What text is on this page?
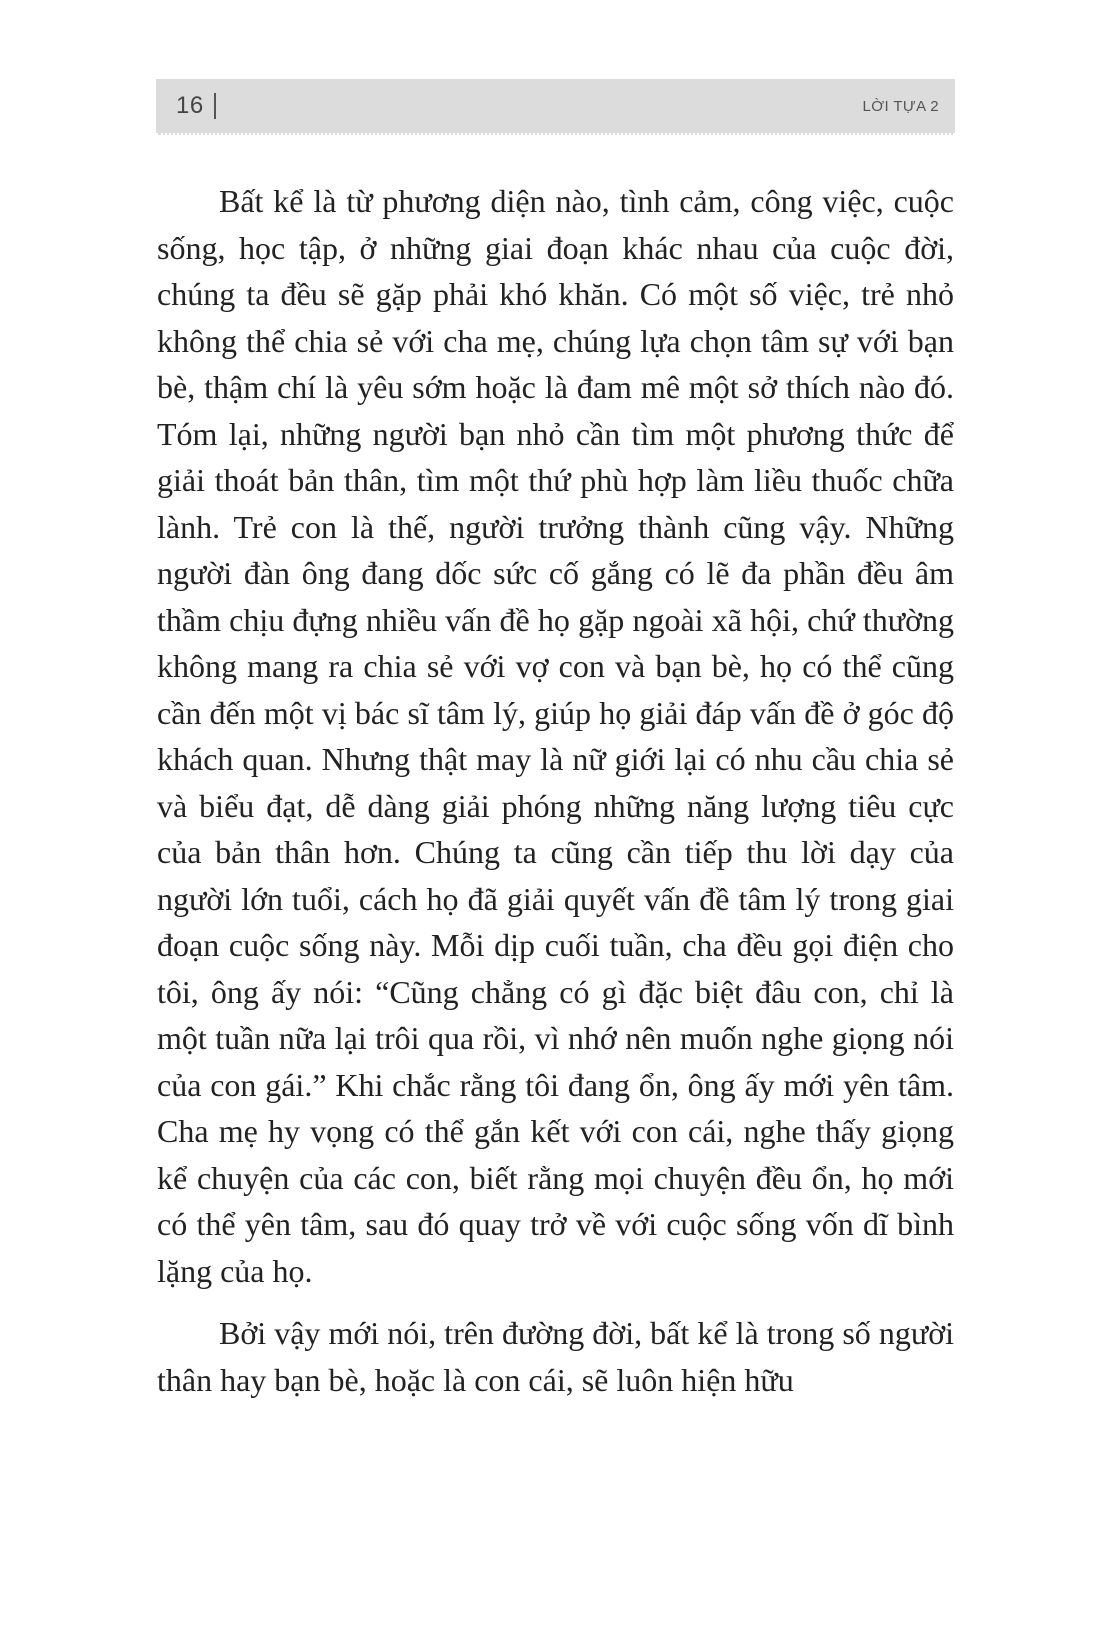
16	LỜI TỰA 2

Bất kể là từ phương diện nào, tình cảm, công việc, cuộc sống, học tập, ở những giai đoạn khác nhau của cuộc đời, chúng ta đều sẽ gặp phải khó khăn. Có một số việc, trẻ nhỏ không thể chia sẻ với cha mẹ, chúng lựa chọn tâm sự với bạn bè, thậm chí là yêu sớm hoặc là đam mê một sở thích nào đó. Tóm lại, những người bạn nhỏ cần tìm một phương thức để giải thoát bản thân, tìm một thứ phù hợp làm liều thuốc chữa lành. Trẻ con là thế, người trưởng thành cũng vậy. Những người đàn ông đang dốc sức cố gắng có lẽ đa phần đều âm thầm chịu đựng nhiều vấn đề họ gặp ngoài xã hội, chứ thường không mang ra chia sẻ với vợ con và bạn bè, họ có thể cũng cần đến một vị bác sĩ tâm lý, giúp họ giải đáp vấn đề ở góc độ khách quan. Nhưng thật may là nữ giới lại có nhu cầu chia sẻ và biểu đạt, dễ dàng giải phóng những năng lượng tiêu cực của bản thân hơn. Chúng ta cũng cần tiếp thu lời dạy của người lớn tuổi, cách họ đã giải quyết vấn đề tâm lý trong giai đoạn cuộc sống này. Mỗi dịp cuối tuần, cha đều gọi điện cho tôi, ông ấy nói: “Cũng chẳng có gì đặc biệt đâu con, chỉ là một tuần nữa lại trôi qua rồi, vì nhớ nên muốn nghe giọng nói của con gái.” Khi chắc rằng tôi đang ổn, ông ấy mới yên tâm. Cha mẹ hy vọng có thể gắn kết với con cái, nghe thấy giọng kể chuyện của các con, biết rằng mọi chuyện đều ổn, họ mới có thể yên tâm, sau đó quay trở về với cuộc sống vốn dĩ bình lặng của họ.

Bởi vậy mới nói, trên đường đời, bất kể là trong số người thân hay bạn bè, hoặc là con cái, sẽ luôn hiện hữu
